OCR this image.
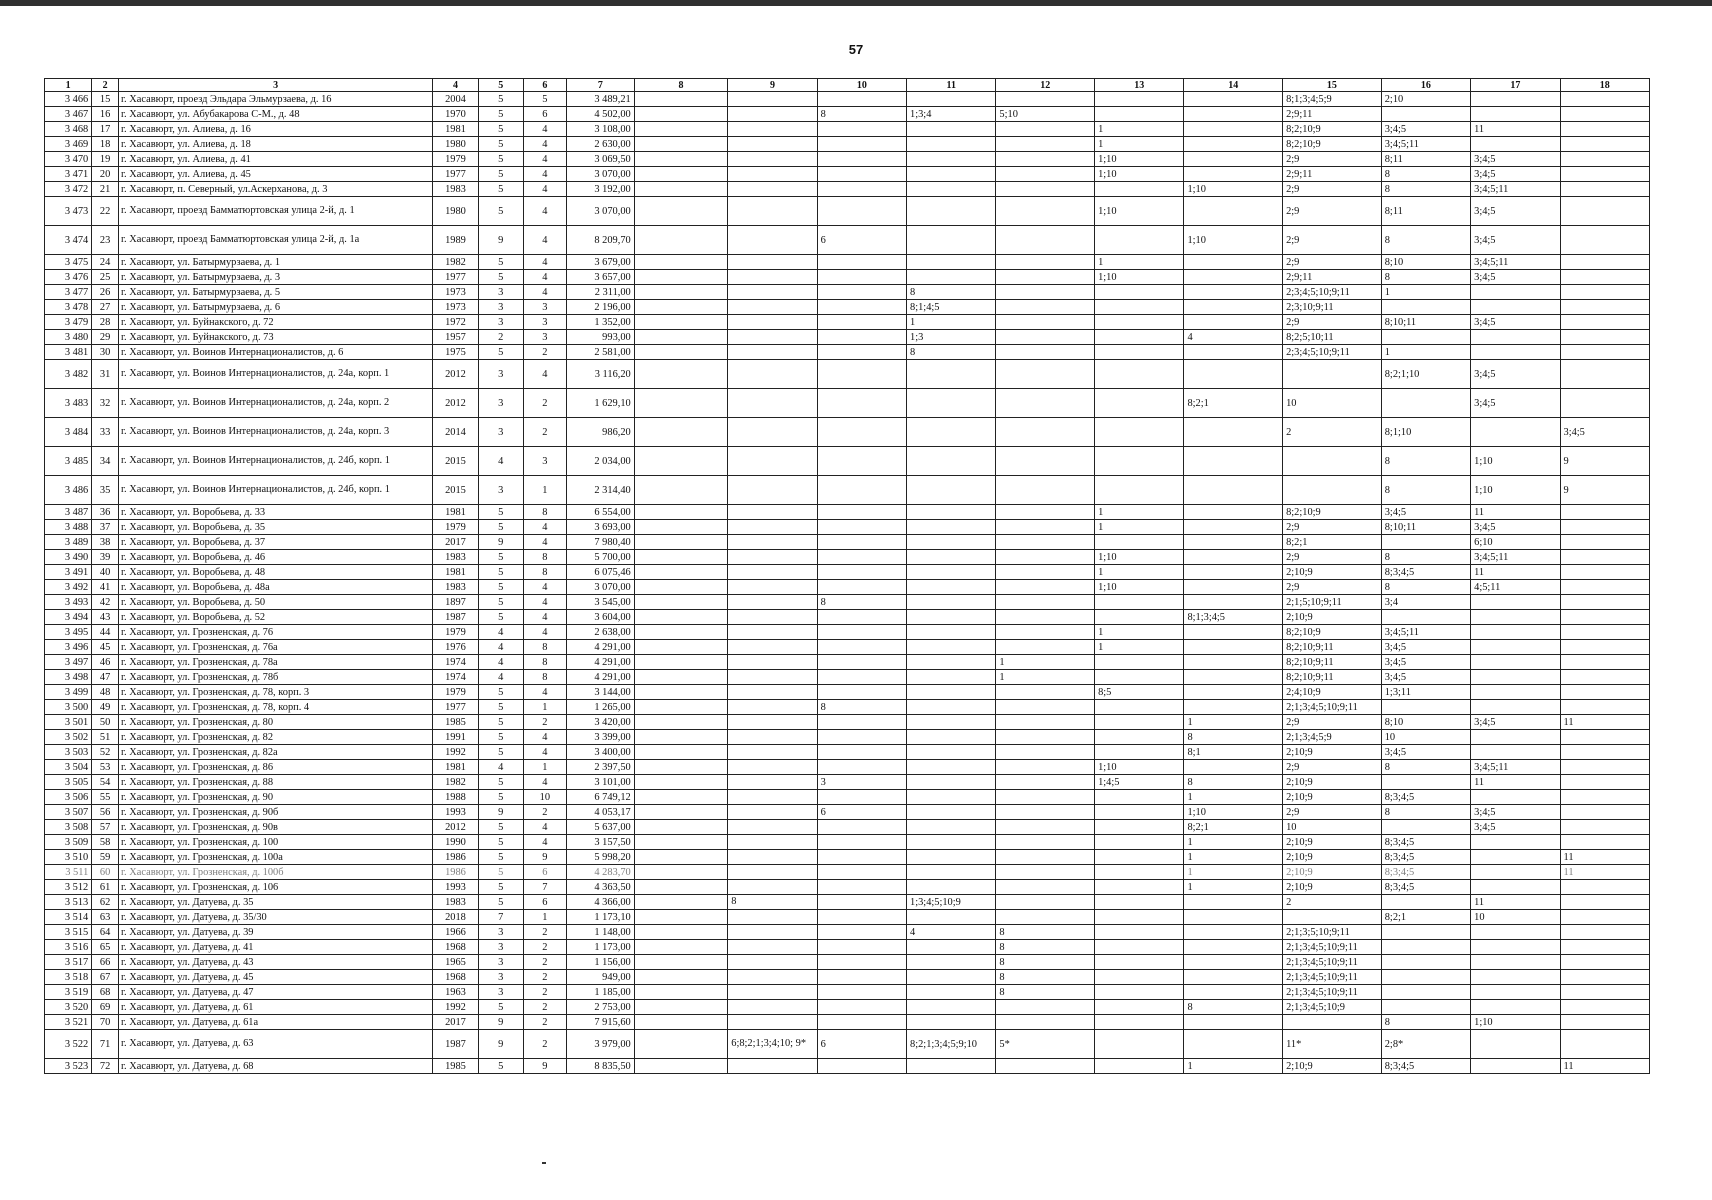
57
1	2	3	4	5	6	7	8	9	10	11	12	13	14	15	16	17	18
3 466	15	г. Хасавюрт, проезд Эльдара Эльмурзаева, д. 16	2004	5	5	3 489,21								8;1;3;4;5;9	2;10		
3 467	16	г. Хасавюрт, ул. Абубакарова С-М., д. 48	1970	5	6	4 502,00			8	1;3;4	5;10			2;9;11			
3 468	17	г. Хасавюрт, ул. Алиева, д. 16	1981	5	4	3 108,00						1		8;2;10;9	3;4;5	11	
3 469	18	г. Хасавюрт, ул. Алиева, д. 18	1980	5	4	2 630,00						1		8;2;10;9	3;4;5;11		
3 470	19	г. Хасавюрт, ул. Алиева, д. 41	1979	5	4	3 069,50						1;10		2;9	8;11	3;4;5	
3 471	20	г. Хасавюрт, ул. Алиева, д. 45	1977	5	4	3 070,00						1;10		2;9;11	8	3;4;5	
3 472	21	г. Хасавюрт, п. Северный, ул.Аскерханова, д. 3	1983	5	4	3 192,00							1;10	2;9	8	3;4;5;11	
3 473	22	г. Хасавюрт, проезд Бамматюртовская улица 2-й, д. 1	1980	5	4	3 070,00						1;10		2;9	8;11	3;4;5	
3 474	23	г. Хасавюрт, проезд Бамматюртовская улица 2-й, д. 1а	1989	9	4	8 209,70			6				1;10	2;9	8	3;4;5	
3 475	24	г. Хасавюрт, ул. Батырмурзаева, д. 1	1982	5	4	3 679,00						1		2;9	8;10	3;4;5;11	
3 476	25	г. Хасавюрт, ул. Батырмурзаева, д. 3	1977	5	4	3 657,00						1;10		2;9;11	8	3;4;5	
3 477	26	г. Хасавюрт, ул. Батырмурзаева, д. 5	1973	3	4	2 311,00				8				2;3;4;5;10;9;11	1		
3 478	27	г. Хасавюрт, ул. Батырмурзаева, д. 6	1973	3	3	2 196,00				8;1;4;5				2;3;10;9;11			
3 479	28	г. Хасавюрт, ул. Буйнакского, д. 72	1972	3	3	1 352,00				1				2;9	8;10;11	3;4;5	
3 480	29	г. Хасавюрт, ул. Буйнакского, д. 73	1957	2	3	993,00				1;3			4	8;2;5;10;11			
3 481	30	г. Хасавюрт, ул. Воинов Интернационалистов, д. 6	1975	5	2	2 581,00				8				2;3;4;5;10;9;11	1		
3 482	31	г. Хасавюрт, ул. Воинов Интернационалистов, д. 24а, корп. 1	2012	3	4	3 116,20									8;2;1;10	3;4;5	
3 483	32	г. Хасавюрт, ул. Воинов Интернационалистов, д. 24а, корп. 2	2012	3	2	1 629,10							8;2;1	10		3;4;5	
3 484	33	г. Хасавюрт, ул. Воинов Интернационалистов, д. 24а, корп. 3	2014	3	2	986,20								2	8;1;10		3;4;5
3 485	34	г. Хасавюрт, ул. Воинов Интернационалистов, д. 24б, корп. 1	2015	4	3	2 034,00									8	1;10	9
3 486	35	г. Хасавюрт, ул. Воинов Интернационалистов, д. 24б, корп. 1	2015	3	1	2 314,40									8	1;10	9
3 487	36	г. Хасавюрт, ул. Воробьева, д. 33	1981	5	8	6 554,00						1		8;2;10;9	3;4;5	11	
3 488	37	г. Хасавюрт, ул. Воробьева, д. 35	1979	5	4	3 693,00						1		2;9	8;10;11	3;4;5	
3 489	38	г. Хасавюрт, ул. Воробьева, д. 37	2017	9	4	7 980,40								8;2;1		6;10	
3 490	39	г. Хасавюрт, ул. Воробьева, д. 46	1983	5	8	5 700,00						1;10		2;9	8	3;4;5;11	
3 491	40	г. Хасавюрт, ул. Воробьева, д. 48	1981	5	8	6 075,46						1		2;10;9	8;3;4;5	11	
3 492	41	г. Хасавюрт, ул. Воробьева, д. 48а	1983	5	4	3 070,00						1;10		2;9	8	4;5;11	
3 493	42	г. Хасавюрт, ул. Воробьева, д. 50	1897	5	4	3 545,00			8					2;1;5;10;9;11	3;4		
3 494	43	г. Хасавюрт, ул. Воробьева, д. 52	1987	5	4	3 604,00							8;1;3;4;5	2;10;9			
3 495	44	г. Хасавюрт, ул. Грозненская, д. 76	1979	4	4	2 638,00						1		8;2;10;9	3;4;5;11		
3 496	45	г. Хасавюрт, ул. Грозненская, д. 76а	1976	4	8	4 291,00						1		8;2;10;9;11	3;4;5		
3 497	46	г. Хасавюрт, ул. Грозненская, д. 78а	1974	4	8	4 291,00					1			8;2;10;9;11	3;4;5		
3 498	47	г. Хасавюрт, ул. Грозненская, д. 78б	1974	4	8	4 291,00					1			8;2;10;9;11	3;4;5		
3 499	48	г. Хасавюрт, ул. Грозненская, д. 78, корп. 3	1979	5	4	3 144,00						8;5		2;4;10;9	1;3;11		
3 500	49	г. Хасавюрт, ул. Грозненская, д. 78, корп. 4	1977	5	1	1 265,00			8					2;1;3;4;5;10;9;11			
3 501	50	г. Хасавюрт, ул. Грозненская, д. 80	1985	5	2	3 420,00							1	2;9	8;10	3;4;5	11
3 502	51	г. Хасавюрт, ул. Грозненская, д. 82	1991	5	4	3 399,00							8	2;1;3;4;5;9	10		
3 503	52	г. Хасавюрт, ул. Грозненская, д. 82а	1992	5	4	3 400,00							8;1	2;10;9	3;4;5		
3 504	53	г. Хасавюрт, ул. Грозненская, д. 86	1981	4	1	2 397,50						1;10		2;9	8	3;4;5;11	
3 505	54	г. Хасавюрт, ул. Грозненская, д. 88	1982	5	4	3 101,00			3			1;4;5	8	2;10;9		11	
3 506	55	г. Хасавюрт, ул. Грозненская, д. 90	1988	5	10	6 749,12							1	2;10;9	8;3;4;5		
3 507	56	г. Хасавюрт, ул. Грозненская, д. 90б	1993	9	2	4 053,17			6				1;10	2;9	8	3;4;5	
3 508	57	г. Хасавюрт, ул. Грозненская, д. 90в	2012	5	4	5 637,00							8;2;1	10		3;4;5	
3 509	58	г. Хасавюрт, ул. Грозненская, д. 100	1990	5	4	3 157,50							1	2;10;9	8;3;4;5		
3 510	59	г. Хасавюрт, ул. Грозненская, д. 100а	1986	5	9	5 998,20							1	2;10;9	8;3;4;5		11
3 511	60	г. Хасавюрт, ул. Грозненская, д. 100б	1986	5	6	4 283,70							1	2;10;9	8;3;4;5		11
3 512	61	г. Хасавюрт, ул. Грозненская, д. 106	1993	5	7	4 363,50							1	2;10;9	8;3;4;5		
3 513	62	г. Хасавюрт, ул. Датуева, д. 35	1983	5	6	4 366,00		8		1;3;4;5;10;9				2		11	
3 514	63	г. Хасавюрт, ул. Датуева, д. 35/30	2018	7	1	1 173,10									8;2;1	10	
3 515	64	г. Хасавюрт, ул. Датуева, д. 39	1966	3	2	1 148,00				4	8			2;1;3;5;10;9;11			
3 516	65	г. Хасавюрт, ул. Датуева, д. 41	1968	3	2	1 173,00					8			2;1;3;4;5;10;9;11			
3 517	66	г. Хасавюрт, ул. Датуева, д. 43	1965	3	2	1 156,00					8			2;1;3;4;5;10;9;11			
3 518	67	г. Хасавюрт, ул. Датуева, д. 45	1968	3	2	949,00					8			2;1;3;4;5;10;9;11			
3 519	68	г. Хасавюрт, ул. Датуева, д. 47	1963	3	2	1 185,00					8			2;1;3;4;5;10;9;11			
3 520	69	г. Хасавюрт, ул. Датуева, д. 61	1992	5	2	2 753,00							8	2;1;3;4;5;10;9			
3 521	70	г. Хасавюрт, ул. Датуева, д. 61а	2017	9	2	7 915,60									8	1;10	
3 522	71	г. Хасавюрт, ул. Датуева, д. 63	1987	9	2	3 979,00		6;8;2;1;3;4;10; 9*	6	8;2;1;3;4;5;9;10	5*			11*	2;8*		
3 523	72	г. Хасавюрт, ул. Датуева, д. 68	1985	5	9	8 835,50							1	2;10;9	8;3;4;5		11
